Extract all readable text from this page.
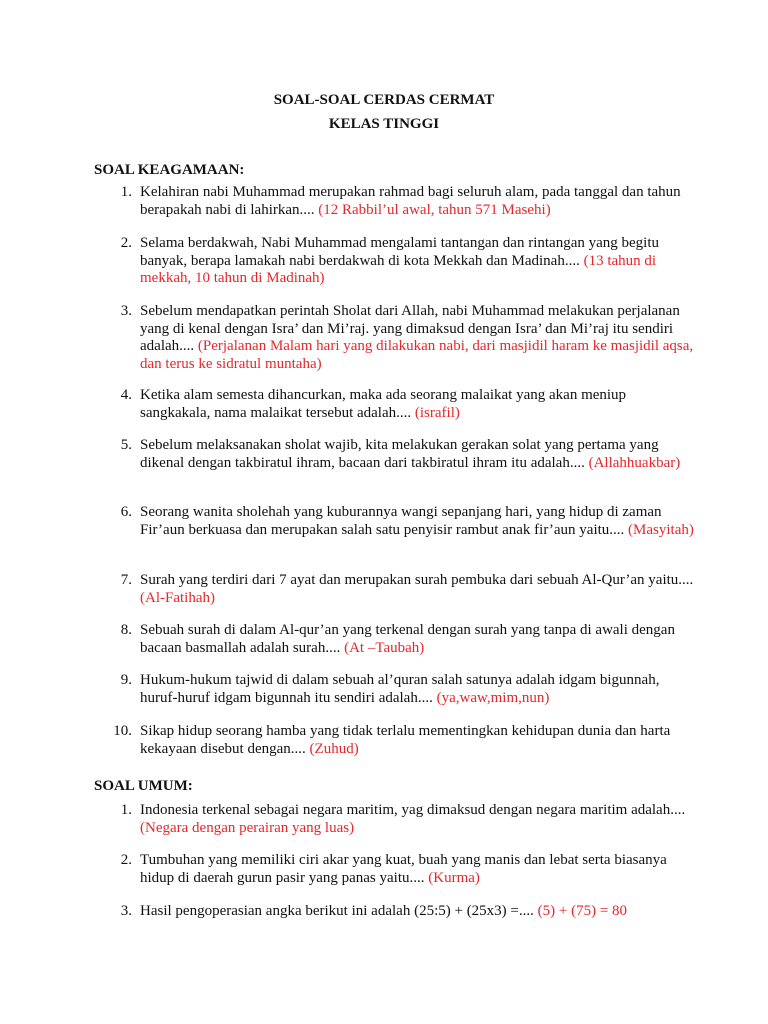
SOAL-SOAL CERDAS CERMAT
KELAS TINGGI
SOAL KEAGAMAAN:
1. Kelahiran nabi Muhammad merupakan rahmad bagi seluruh alam, pada tanggal dan tahun berapakah nabi di lahirkan.... (12 Rabbil’ul awal, tahun 571 Masehi)
2. Selama berdakwah, Nabi Muhammad mengalami tantangan dan rintangan yang begitu banyak, berapa lamakah nabi berdakwah di kota Mekkah dan Madinah.... (13 tahun di mekkah, 10 tahun di Madinah)
3. Sebelum mendapatkan perintah Sholat dari Allah, nabi Muhammad melakukan perjalanan yang di kenal dengan Isra’ dan Mi’raj. yang dimaksud dengan Isra’ dan Mi’raj itu sendiri adalah.... (Perjalanan Malam hari yang dilakukan nabi, dari masjidil haram ke masjidil aqsa, dan terus ke sidratul muntaha)
4. Ketika alam semesta dihancurkan, maka ada seorang malaikat yang akan meniup sangkakala, nama malaikat tersebut adalah.... (israfil)
5. Sebelum melaksanakan sholat wajib, kita melakukan gerakan solat yang pertama yang dikenal dengan takbiratul ihram, bacaan dari takbiratul ihram itu adalah.... (Allahhuakbar)
6. Seorang wanita sholehah yang kuburannya wangi sepanjang hari, yang hidup di zaman Fir’aun berkuasa dan merupakan salah satu penyisir rambut anak fir’aun yaitu.... (Masyitah)
7. Surah yang terdiri dari 7 ayat dan merupakan surah pembuka dari sebuah Al-Qur’an yaitu.... (Al-Fatihah)
8. Sebuah surah di dalam Al-qur’an yang terkenal dengan surah yang tanpa di awali dengan bacaan basmallah adalah surah.... (At –Taubah)
9. Hukum-hukum tajwid di dalam sebuah al’quran salah satunya adalah idgam bigunnah, huruf-huruf idgam bigunnah itu sendiri adalah.... (ya,waw,mim,nun)
10. Sikap hidup seorang hamba yang tidak terlalu mementingkan kehidupan dunia dan harta kekayaan disebut dengan.... (Zuhud)
SOAL UMUM:
1. Indonesia terkenal sebagai negara maritim, yag dimaksud dengan negara maritim adalah.... (Negara dengan perairan yang luas)
2. Tumbuhan yang memiliki ciri akar yang kuat, buah yang manis dan lebat serta biasanya hidup di daerah gurun pasir yang panas yaitu.... (Kurma)
3. Hasil pengoperasian angka berikut ini adalah (25:5) + (25x3) =.... (5) + (75) = 80
